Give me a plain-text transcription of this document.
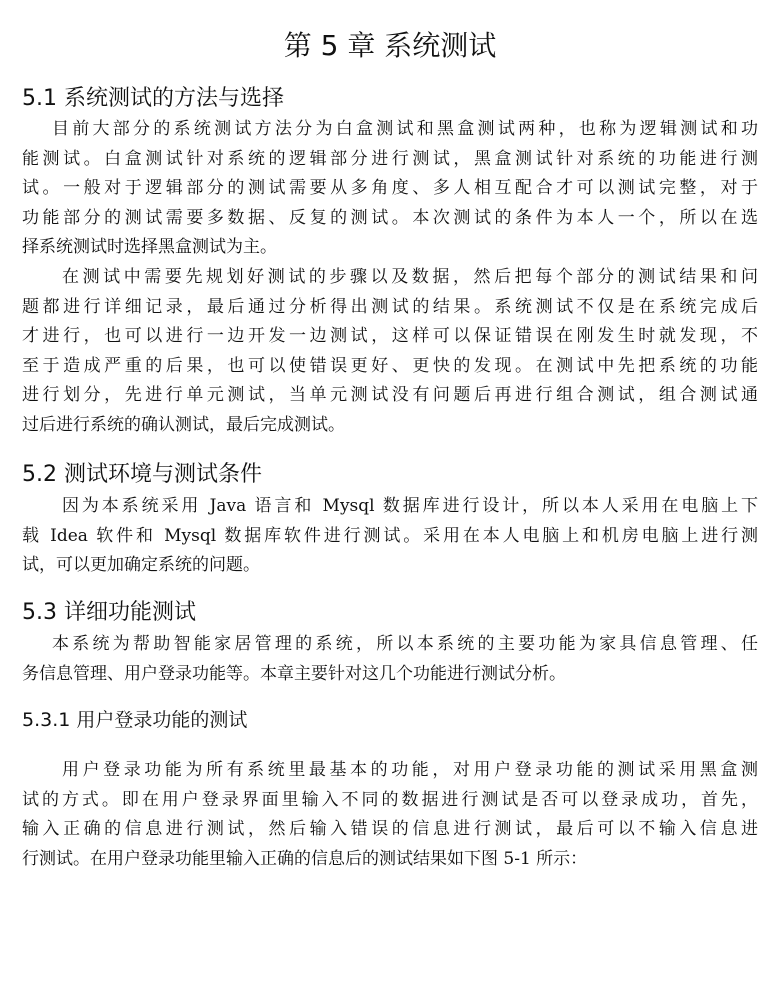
第 5 章 系统测试
5.1 系统测试的方法与选择

目前大部分的系统测试方法分为白盒测试和黑盒测试两种，也称为逻辑测试和功
能测试。白盒测试针对系统的逻辑部分进行测试，黑盒测试针对系统的功能进行测
试。一般对于逻辑部分的测试需要从多角度、多人相互配合才可以测试完整，对于
功能部分的测试需要多数据、反复的测试。本次测试的条件为本人一个，所以在选
择系统测试时选择黑盒测试为主。

在测试中需要先规划好测试的步骤以及数据，然后把每个部分的测试结果和问
题都进行详细记录，最后通过分析得出测试的结果。系统测试不仅是在系统完成后
才进行，也可以进行一边开发一边测试，这样可以保证错误在刚发生时就发现，不
至于造成严重的后果，也可以使错误更好、更快的发现。在测试中先把系统的功能
进行划分，先进行单元测试，当单元测试没有问题后再进行组合测试，组合测试通
过后进行系统的确认测试，最后完成测试。

5.2 测试环境与测试条件

因为本系统采用 Java 语言和 Mysql 数据库进行设计，所以本人采用在电脑上下
载 Idea 软件和 Mysql 数据库软件进行测试。采用在本人电脑上和机房电脑上进行测
试，可以更加确定系统的问题。

5.3 详细功能测试

本系统为帮助智能家居管理的系统，所以本系统的主要功能为家具信息管理、任
务信息管理、用户登录功能等。本章主要针对这几个功能进行测试分析。

5.3.1 用户登录功能的测试

用户登录功能为所有系统里最基本的功能，对用户登录功能的测试采用黑盒测
试的方式。即在用户登录界面里输入不同的数据进行测试是否可以登录成功，首先，
输入正确的信息进行测试，然后输入错误的信息进行测试，最后可以不输入信息进
行测试。在用户登录功能里输入正确的信息后的测试结果如下图 5-1 所示：
